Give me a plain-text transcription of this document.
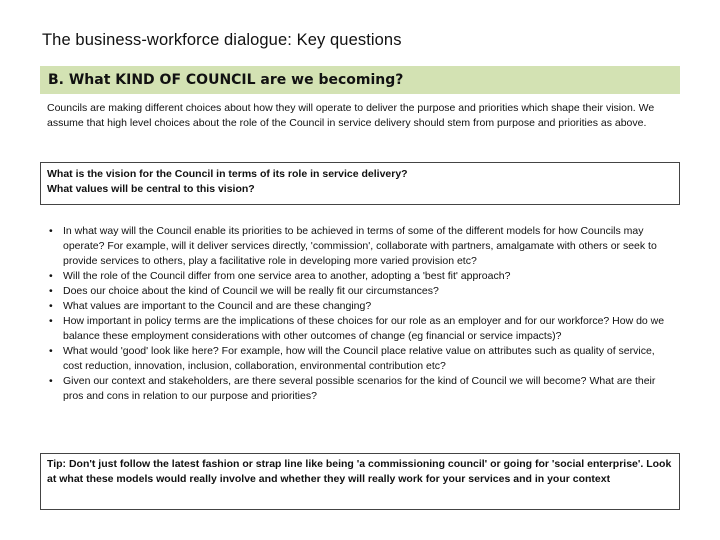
The business-workforce dialogue: Key questions
B. What KIND OF COUNCIL are we becoming?
Councils are making different choices about how they will operate to deliver the purpose and priorities which shape their vision. We assume that high level choices about the role of the Council in service delivery should stem from purpose and priorities as above.
What is the vision for the Council in terms of its role in service delivery?
What values will be central to this vision?
• In what way will the Council enable its priorities to be achieved in terms of some of the different models for how Councils may operate? For example, will it deliver services directly, 'commission', collaborate with partners, amalgamate with others or seek to provide services to others, play a facilitative role in developing more varied provision etc?
• Will the role of the Council differ from one service area to another, adopting a 'best fit' approach?
• Does our choice about the kind of Council we will be really fit our circumstances?
• What values are important to the Council and are these changing?
• How important in policy terms are the implications of these choices for our role as an employer and for our workforce? How do we balance these employment considerations with other outcomes of change (eg financial or service impacts)?
• What would 'good' look like here? For example, how will the Council place relative value on attributes such as quality of service, cost reduction, innovation, inclusion, collaboration, environmental contribution etc?
• Given our context and stakeholders, are there several possible scenarios for the kind of Council we will become? What are their pros and cons in relation to our purpose and priorities?
Tip: Don't just follow the latest fashion or strap line like being 'a commissioning council' or going for 'social enterprise'. Look at what these models would really involve and whether they will really work for your services and in your context
